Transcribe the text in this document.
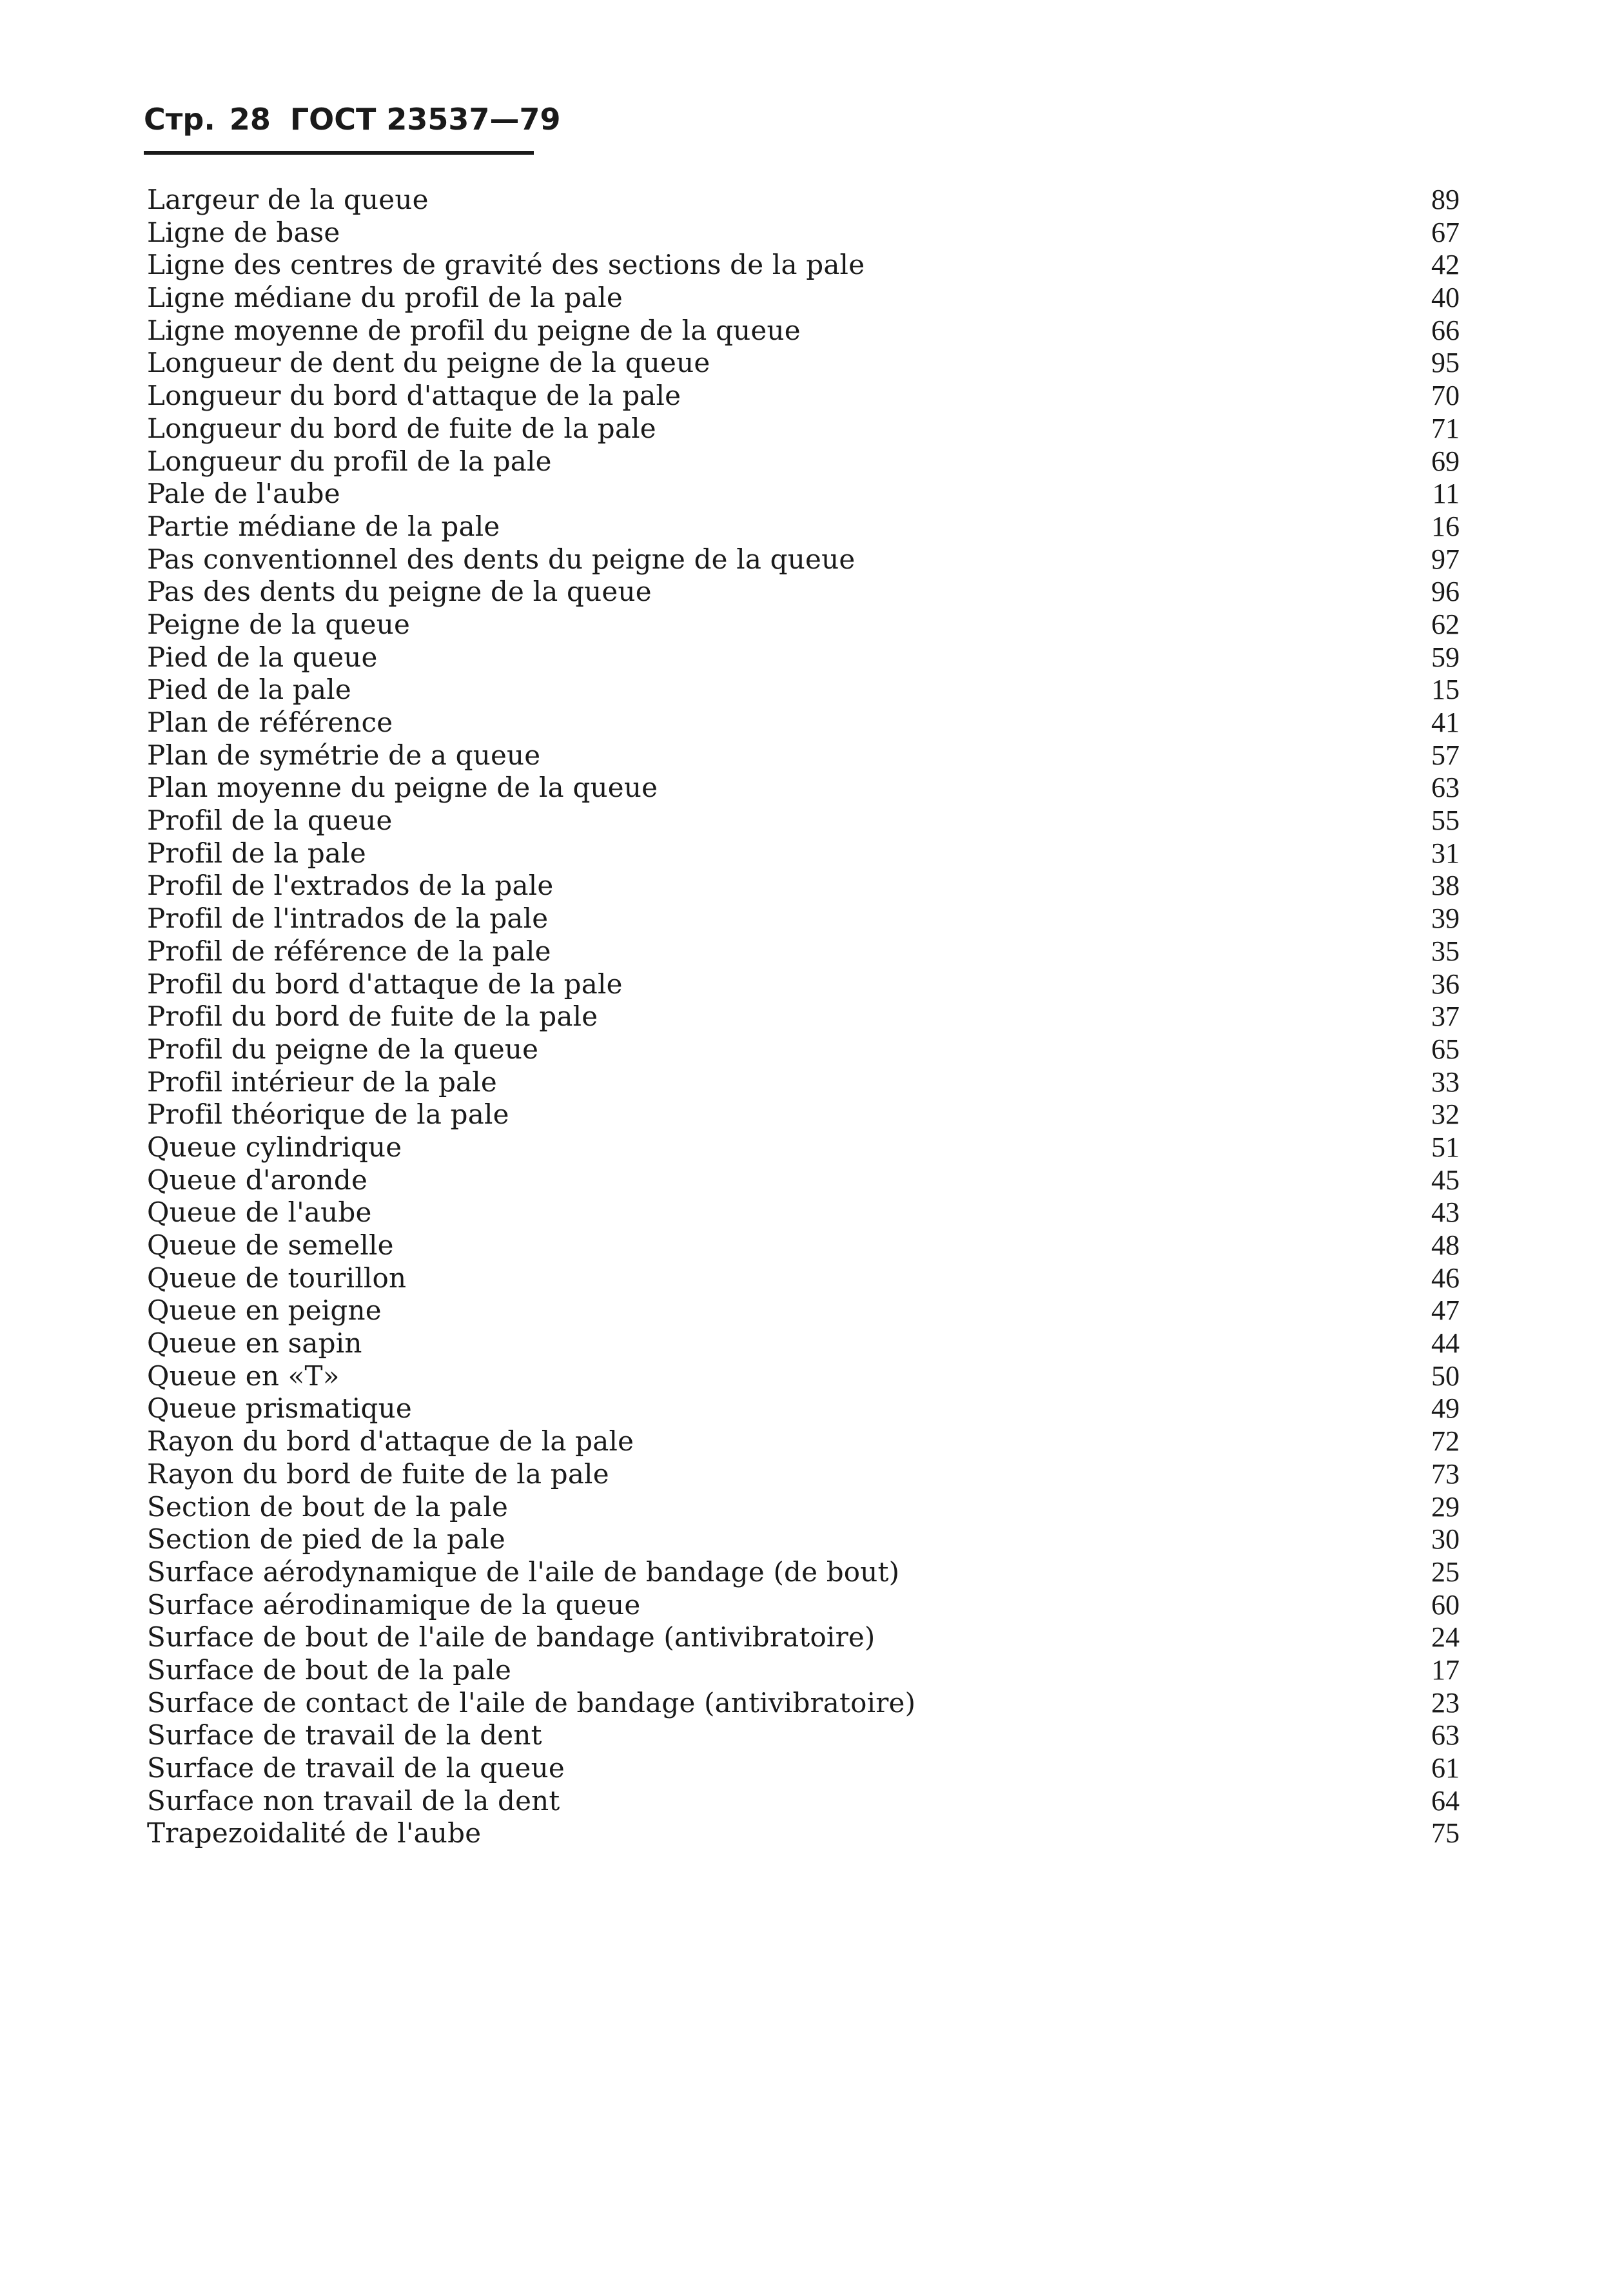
Стр. 28 ГОСТ 23537—79
Largeur de la queue	89
Ligne de base	67
Ligne des centres de gravité des sections de la pale	42
Ligne médiane du profil de la pale	40
Ligne moyenne de profil du peigne de la queue	66
Longueur de dent du peigne de la queue	95
Longueur du bord d'attaque de la pale	70
Longueur du bord de fuite de la pale	71
Longueur du profil de la pale	69
Pale de l'aube	11
Partie médiane de la pale	16
Pas conventionnel des dents du peigne de la queue	97
Pas des dents du peigne de la queue	96
Peigne de la queue	62
Pied de la queue	59
Pied de la pale	15
Plan de référence	41
Plan de symétrie de a queue	57
Plan moyenne du peigne de la queue	63
Profil de la queue	55
Profil de la pale	31
Profil de l'extrados de la pale	38
Profil de l'intrados de la pale	39
Profil de référence de la pale	35
Profil du bord d'attaque de la pale	36
Profil du bord de fuite de la pale	37
Profil du peigne de la queue	65
Profil intérieur de la pale	33
Profil théorique de la pale	32
Queue cylindrique	51
Queue d'aronde	45
Queue de l'aube	43
Queue de semelle	48
Queue de tourillon	46
Queue en peigne	47
Queue en sapin	44
Queue en «T»	50
Queue prismatique	49
Rayon du bord d'attaque de la pale	72
Rayon du bord de fuite de la pale	73
Section de bout de la pale	29
Section de pied de la pale	30
Surface aérodynamique de l'aile de bandage (de bout)	25
Surface aérodinamique de la queue	60
Surface de bout de l'aile de bandage (antivibratoire)	24
Surface de bout de la pale	17
Surface de contact de l'aile de bandage (antivibratoire)	23
Surface de travail de la dent	63
Surface de travail de la queue	61
Surface non travail de la dent	64
Trapezoidalité de l'aube	75
